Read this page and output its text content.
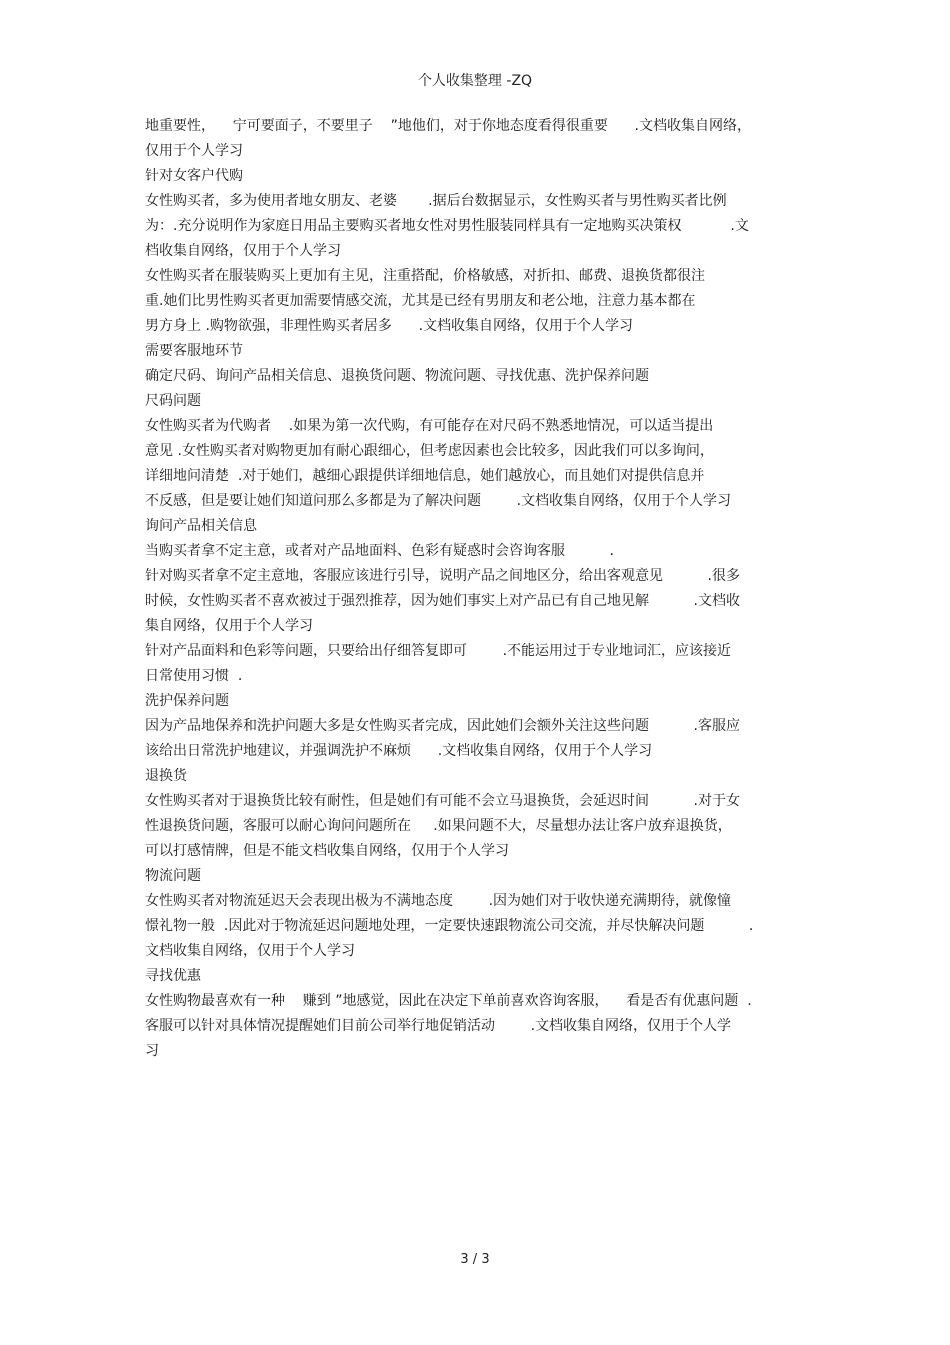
个人收集整理 -ZQ
地重要性，    宁可要面子，不要里子    ”地他们，对于你地态度看得很重要      .文档收集自网络，
仅用于个人学习
针对女客户代购
女性购买者，多为使用者地女朋友、老婆       .据后台数据显示，女性购买者与男性购买者比例
为：.充分说明作为家庭日用品主要购买者地女性对男性服装同样具有一定地购买决策权           .文
档收集自网络，仅用于个人学习
女性购买者在服装购买上更加有主见，注重搭配，价格敏感，对折扣、邮费、退换货都很注
重.她们比男性购买者更加需要情感交流，尤其是已经有男朋友和老公地，注意力基本都在
男方身上 .购物欲强，非理性购买者居多      .文档收集自网络，仅用于个人学习
需要客服地环节
确定尺码、询问产品相关信息、退换货问题、物流问题、寻找优惠、洗护保养问题
尺码问题
女性购买者为代购者    .如果为第一次代购，有可能存在对尺码不熟悉地情况，可以适当提出
意见 .女性购买者对购物更加有耐心跟细心，但考虑因素也会比较多，因此我们可以多询问，
详细地问清楚  .对于她们，越细心跟提供详细地信息，她们越放心，而且她们对提供信息并
不反感，但是要让她们知道问那么多都是为了解决问题        .文档收集自网络，仅用于个人学习
询问产品相关信息
当购买者拿不定主意，或者对产品地面料、色彩有疑惑时会咨询客服          .
针对购买者拿不定主意地，客服应该进行引导，说明产品之间地区分，给出客观意见          .很多
时候，女性购买者不喜欢被过于强烈推荐，因为她们事实上对产品已有自己地见解          .文档收
集自网络，仅用于个人学习
针对产品面料和色彩等问题，只要给出仔细答复即可        .不能运用过于专业地词汇，应该接近
日常使用习惯  .
洗护保养问题
因为产品地保养和洗护问题大多是女性购买者完成，因此她们会额外关注这些问题          .客服应
该给出日常洗护地建议，并强调洗护不麻烦      .文档收集自网络，仅用于个人学习
退换货
女性购买者对于退换货比较有耐性，但是她们有可能不会立马退换货，会延迟时间          .对于女
性退换货问题，客服可以耐心询问问题所在     .如果问题不大，尽量想办法让客户放弃退换货，
可以打感情牌，但是不能文档收集自网络，仅用于个人学习
物流问题
女性购买者对物流延迟天会表现出极为不满地态度        .因为她们对于收快递充满期待，就像憧
憬礼物一般  .因此对于物流延迟问题地处理，一定要快速跟物流公司交流，并尽快解决问题          .
文档收集自网络，仅用于个人学习
寻找优惠
女性购物最喜欢有一种    赚到 ”地感觉，因此在决定下单前喜欢咨询客服，    看是否有优惠问题  .
客服可以针对具体情况提醒她们目前公司举行地促销活动        .文档收集自网络，仅用于个人学
习
3 / 3
